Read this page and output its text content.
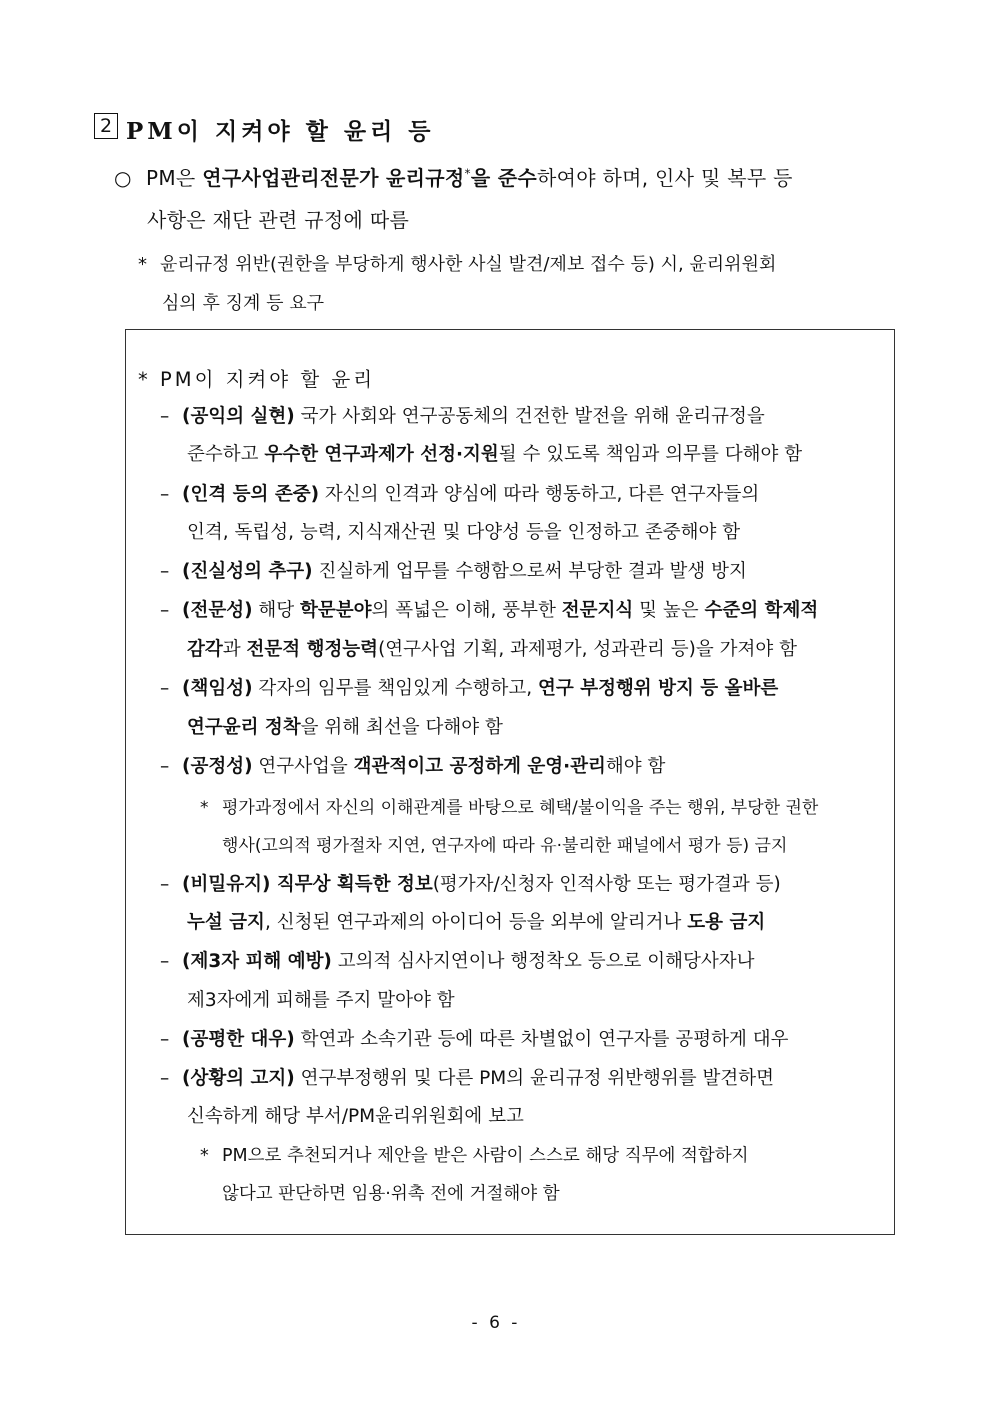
2 PM이 지켜야 할 윤리 등
○ PM은 연구사업관리전문가 윤리규정*을 준수하여야 하며, 인사 및 복무 등
사항은 재단 관련 규정에 따름
* 윤리규정 위반(권한을 부당하게 행사한 사실 발견/제보 접수 등) 시, 윤리위원회
심의 후 징계 등 요구
* PM이 지켜야 할 윤리
– (공익의 실현) 국가 사회와 연구공동체의 건전한 발전을 위해 윤리규정을
준수하고 우수한 연구과제가 선정·지원될 수 있도록 책임과 의무를 다해야 함
– (인격 등의 존중) 자신의 인격과 양심에 따라 행동하고, 다른 연구자들의
인격, 독립성, 능력, 지식재산권 및 다양성 등을 인정하고 존중해야 함
– (진실성의 추구) 진실하게 업무를 수행함으로써 부당한 결과 발생 방지
– (전문성) 해당 학문분야의 폭넓은 이해, 풍부한 전문지식 및 높은 수준의 학제적
감각과 전문적 행정능력(연구사업 기획, 과제평가, 성과관리 등)을 가져야 함
– (책임성) 각자의 임무를 책임있게 수행하고, 연구 부정행위 방지 등 올바른
연구윤리 정착을 위해 최선을 다해야 함
– (공정성) 연구사업을 객관적이고 공정하게 운영·관리해야 함
* 평가과정에서 자신의 이해관계를 바탕으로 혜택/불이익을 주는 행위, 부당한 권한
행사(고의적 평가절차 지연, 연구자에 따라 유·불리한 패널에서 평가 등) 금지
– (비밀유지) 직무상 획득한 정보(평가자/신청자 인적사항 또는 평가결과 등)
누설 금지, 신청된 연구과제의 아이디어 등을 외부에 알리거나 도용 금지
– (제3자 피해 예방) 고의적 심사지연이나 행정착오 등으로 이해당사자나
제3자에게 피해를 주지 말아야 함
– (공평한 대우) 학연과 소속기관 등에 따른 차별없이 연구자를 공평하게 대우
– (상황의 고지) 연구부정행위 및 다른 PM의 윤리규정 위반행위를 발견하면
신속하게 해당 부서/PM윤리위원회에 보고
* PM으로 추천되거나 제안을 받은 사람이 스스로 해당 직무에 적합하지
않다고 판단하면 임용·위촉 전에 거절해야 함
- 6 -
